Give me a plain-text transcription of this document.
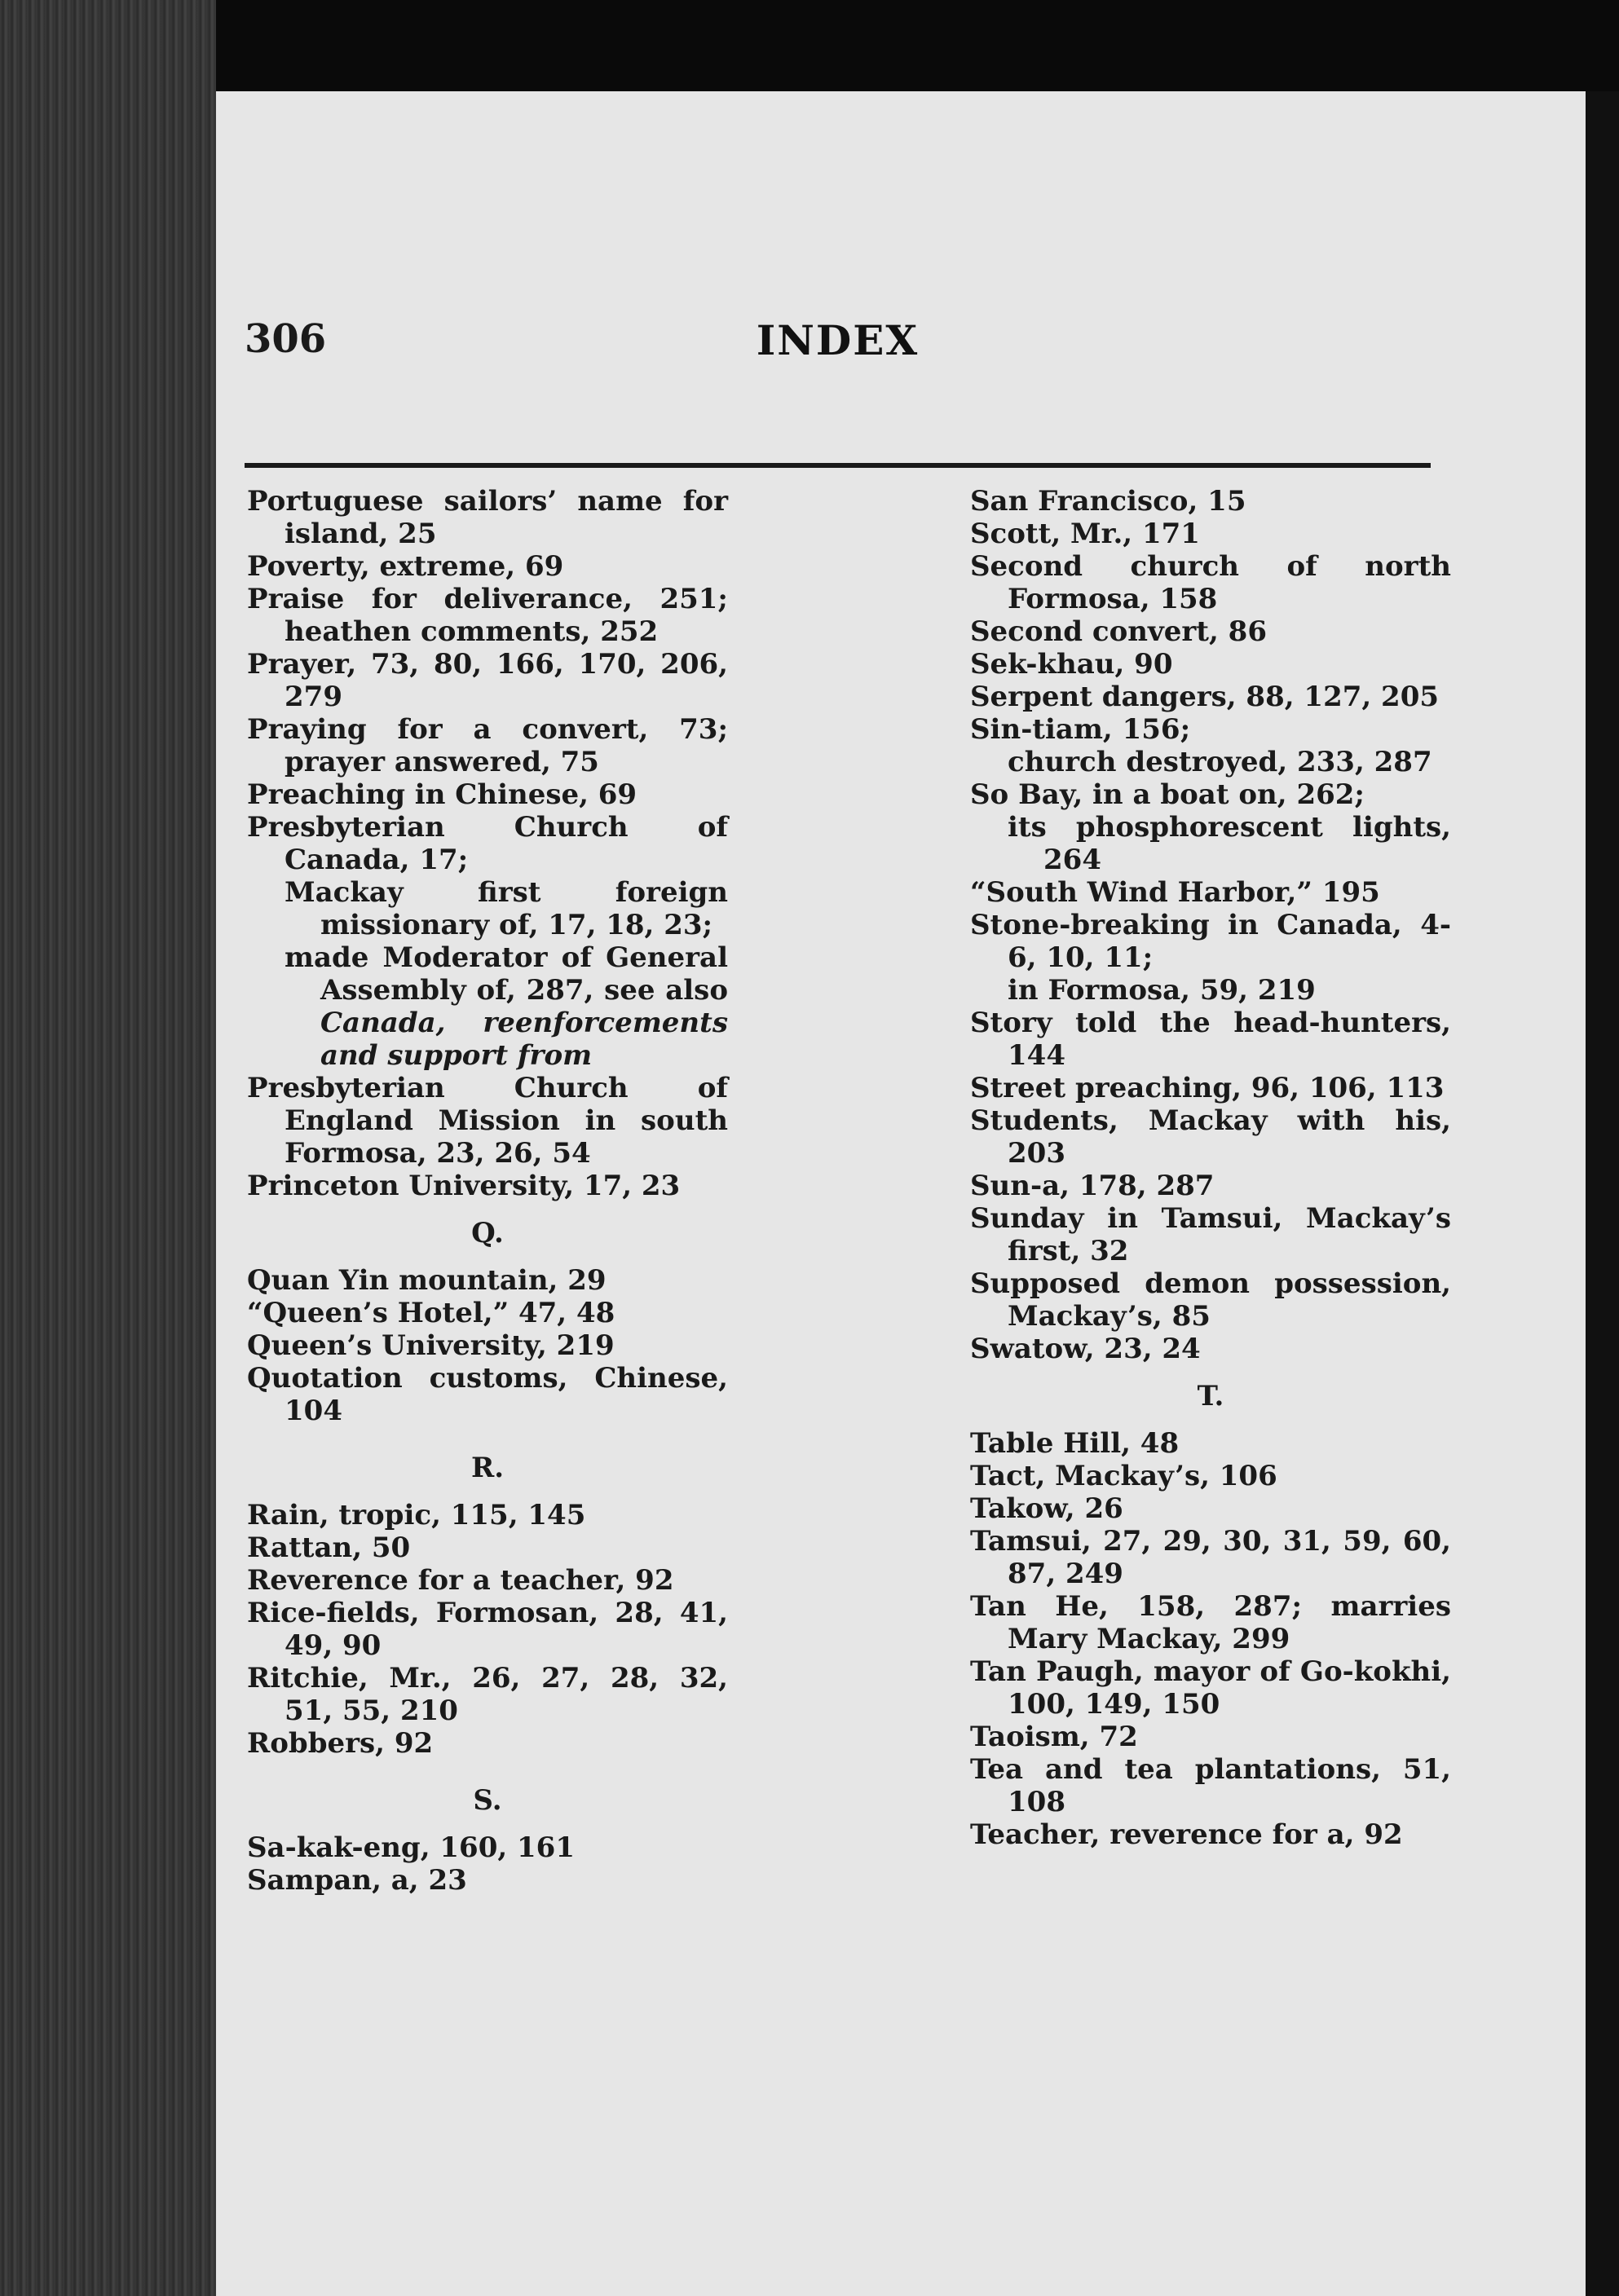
306	INDEX
Portuguese sailors’ name for island, 25
Poverty, extreme, 69
Praise for deliverance, 251; heathen comments, 252
Prayer, 73, 80, 166, 170, 206, 279
Praying for a convert, 73; prayer answered, 75
Preaching in Chinese, 69
Presbyterian Church of Canada, 17;
Mackay first foreign missionary of, 17, 18, 23;
made Moderator of General Assembly of, 287, see also Canada, reenforcements and support from
Presbyterian Church of England Mission in south Formosa, 23, 26, 54
Princeton University, 17, 23
Q.
Quan Yin mountain, 29
“Queen’s Hotel,” 47, 48
Queen’s University, 219
Quotation customs, Chinese, 104
R.
Rain, tropic, 115, 145
Rattan, 50
Reverence for a teacher, 92
Rice-fields, Formosan, 28, 41, 49, 90
Ritchie, Mr., 26, 27, 28, 32, 51, 55, 210
Robbers, 92
S.
Sa-kak-eng, 160, 161
Sampan, a, 23
San Francisco, 15
Scott, Mr., 171
Second church of north Formosa, 158
Second convert, 86
Sek-khau, 90
Serpent dangers, 88, 127, 205
Sin-tiam, 156;
church destroyed, 233, 287
So Bay, in a boat on, 262;
its phosphorescent lights, 264
“South Wind Harbor,” 195
Stone-breaking in Canada, 4-6, 10, 11;
in Formosa, 59, 219
Story told the head-hunters, 144
Street preaching, 96, 106, 113
Students, Mackay with his, 203
Sun-a, 178, 287
Sunday in Tamsui, Mackay’s first, 32
Supposed demon possession, Mackay’s, 85
Swatow, 23, 24
T.
Table Hill, 48
Tact, Mackay’s, 106
Takow, 26
Tamsui, 27, 29, 30, 31, 59, 60, 87, 249
Tan He, 158, 287; marries Mary Mackay, 299
Tan Paugh, mayor of Go-kokhi, 100, 149, 150
Taoism, 72
Tea and tea plantations, 51, 108
Teacher, reverence for a, 92
